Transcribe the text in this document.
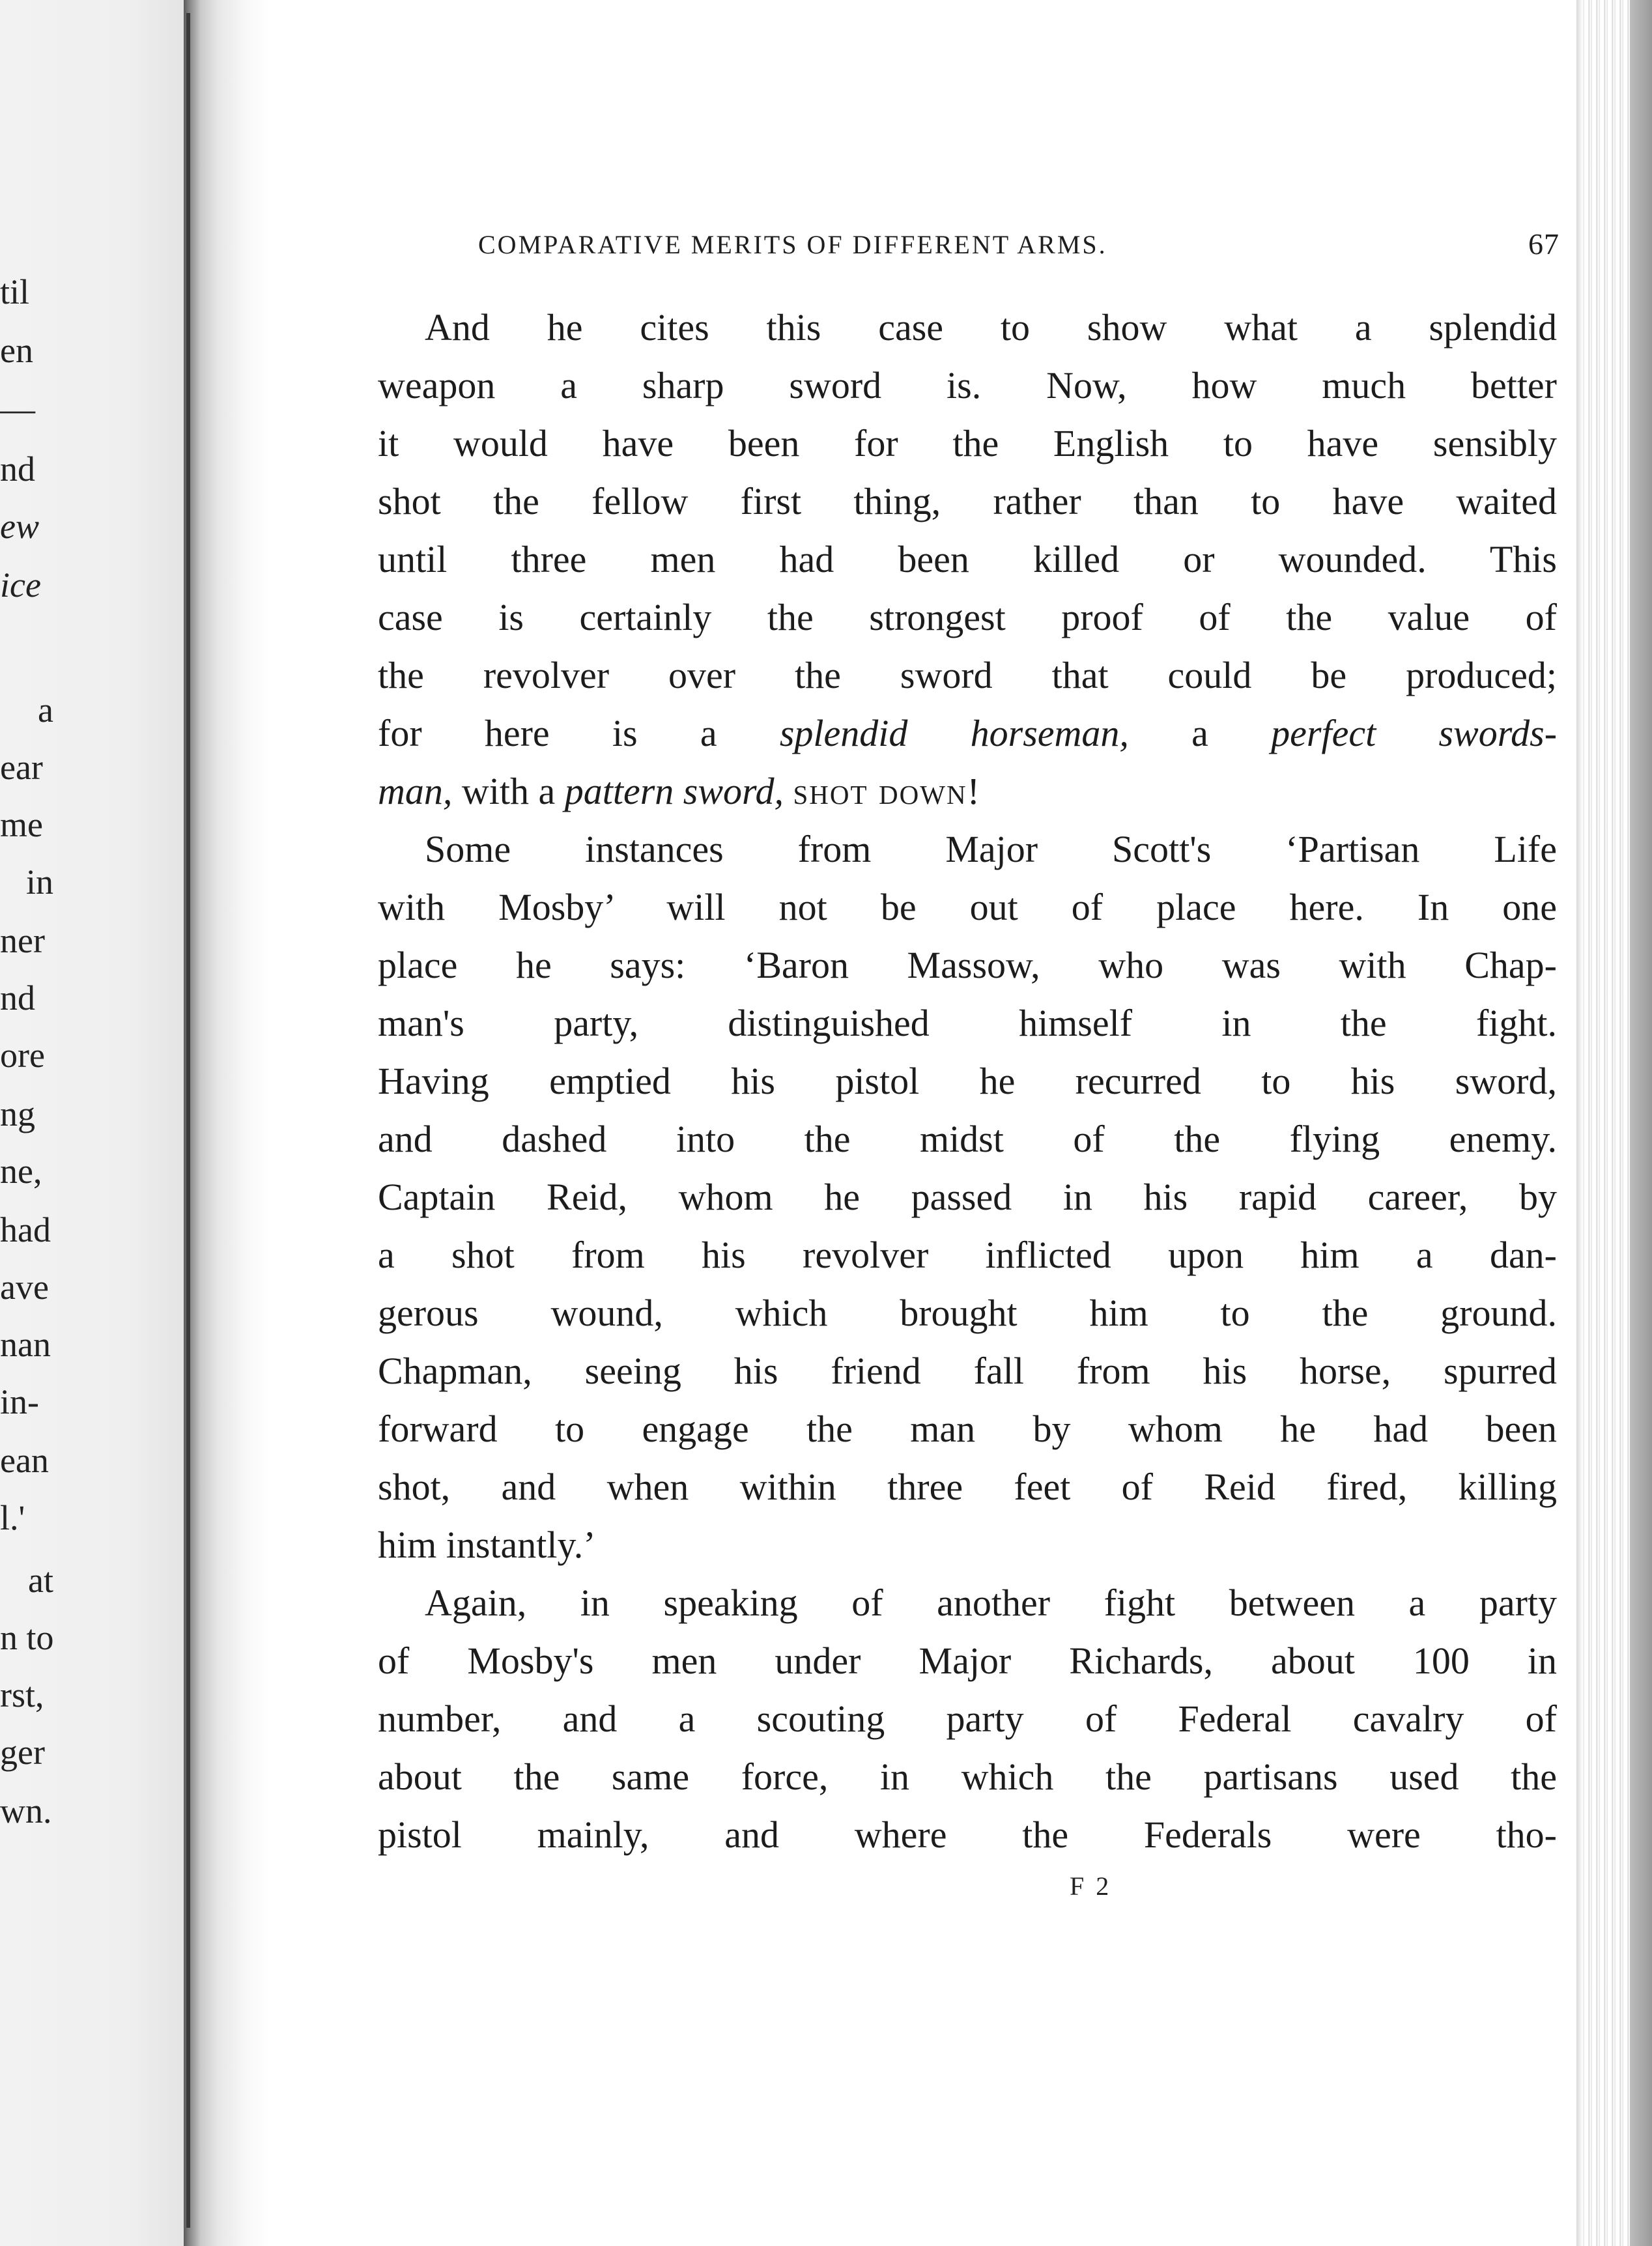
til
en
—
nd
ew
ice
a
ear
me
in
ner
nd
ore
ng
ne,
had
ave
nan
in-
ean
l.'
at
n to
rst,
ger
wn.
COMPARATIVE MERITS OF DIFFERENT ARMS.	67
And he cites this case to show what a splendid
weapon a sharp sword is. Now, how much better
it would have been for the English to have sensibly
shot the fellow first thing, rather than to have waited
until three men had been killed or wounded. This
case is certainly the strongest proof of the value of
the revolver over the sword that could be produced;
for here is a splendid horseman, a perfect swords-
man, with a pattern sword, shot down!
Some instances from Major Scott's ‘Partisan Life
with Mosby’ will not be out of place here. In one
place he says: ‘Baron Massow, who was with Chap-
man's party, distinguished himself in the fight.
Having emptied his pistol he recurred to his sword,
and dashed into the midst of the flying enemy.
Captain Reid, whom he passed in his rapid career, by
a shot from his revolver inflicted upon him a dan-
gerous wound, which brought him to the ground.
Chapman, seeing his friend fall from his horse, spurred
forward to engage the man by whom he had been
shot, and when within three feet of Reid fired, killing
him instantly.’
Again, in speaking of another fight between a party
of Mosby's men under Major Richards, about 100 in
number, and a scouting party of Federal cavalry of
about the same force, in which the partisans used the
pistol mainly, and where the Federals were tho-
F 2
